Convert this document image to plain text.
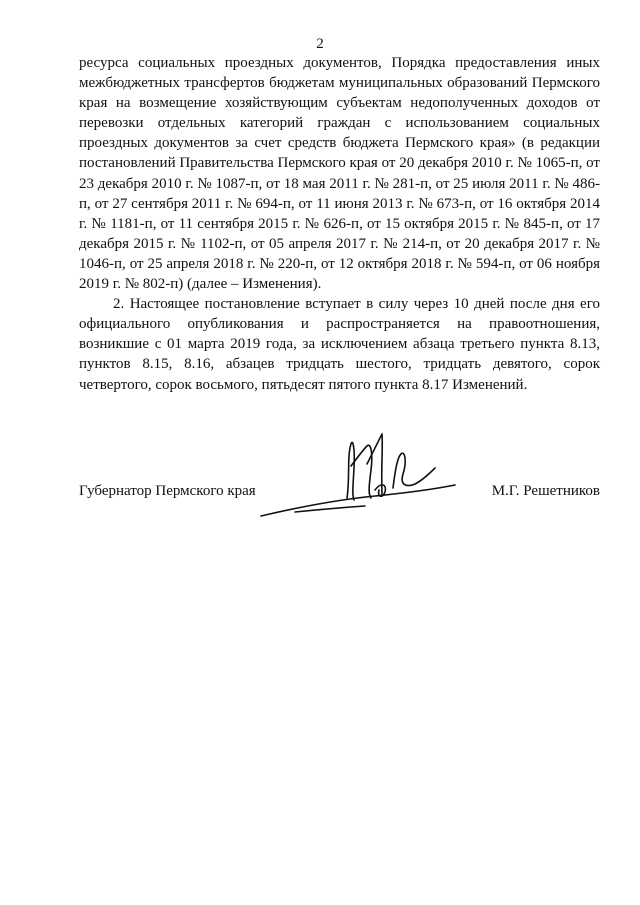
2

ресурса социальных проездных документов, Порядка предоставления иных межбюджетных трансфертов бюджетам муниципальных образований Пермского края на возмещение хозяйствующим субъектам недополученных доходов от перевозки отдельных категорий граждан с использованием социальных проездных документов за счет средств бюджета Пермского края» (в редакции постановлений Правительства Пермского края от 20 декабря 2010 г. № 1065-п, от 23 декабря 2010 г. № 1087-п, от 18 мая 2011 г. № 281-п, от 25 июля 2011 г. № 486-п, от 27 сентября 2011 г. № 694-п, от 11 июня 2013 г. № 673-п, от 16 октября 2014 г. № 1181-п, от 11 сентября 2015 г. № 626-п, от 15 октября 2015 г. № 845-п, от 17 декабря 2015 г. № 1102-п, от 05 апреля 2017 г. № 214-п, от 20 декабря 2017 г. № 1046-п, от 25 апреля 2018 г. № 220-п, от 12 октября 2018 г. № 594-п, от 06 ноября 2019 г. № 802-п) (далее – Изменения).

2. Настоящее постановление вступает в силу через 10 дней после дня его официального опубликования и распространяется на правоотношения, возникшие с 01 марта 2019 года, за исключением абзаца третьего пункта 8.13, пунктов 8.15, 8.16, абзацев тридцать шестого, тридцать девятого, сорок четвертого, сорок восьмого, пятьдесят пятого пункта 8.17 Изменений.

Губернатор Пермского края	М.Г. Решетников
